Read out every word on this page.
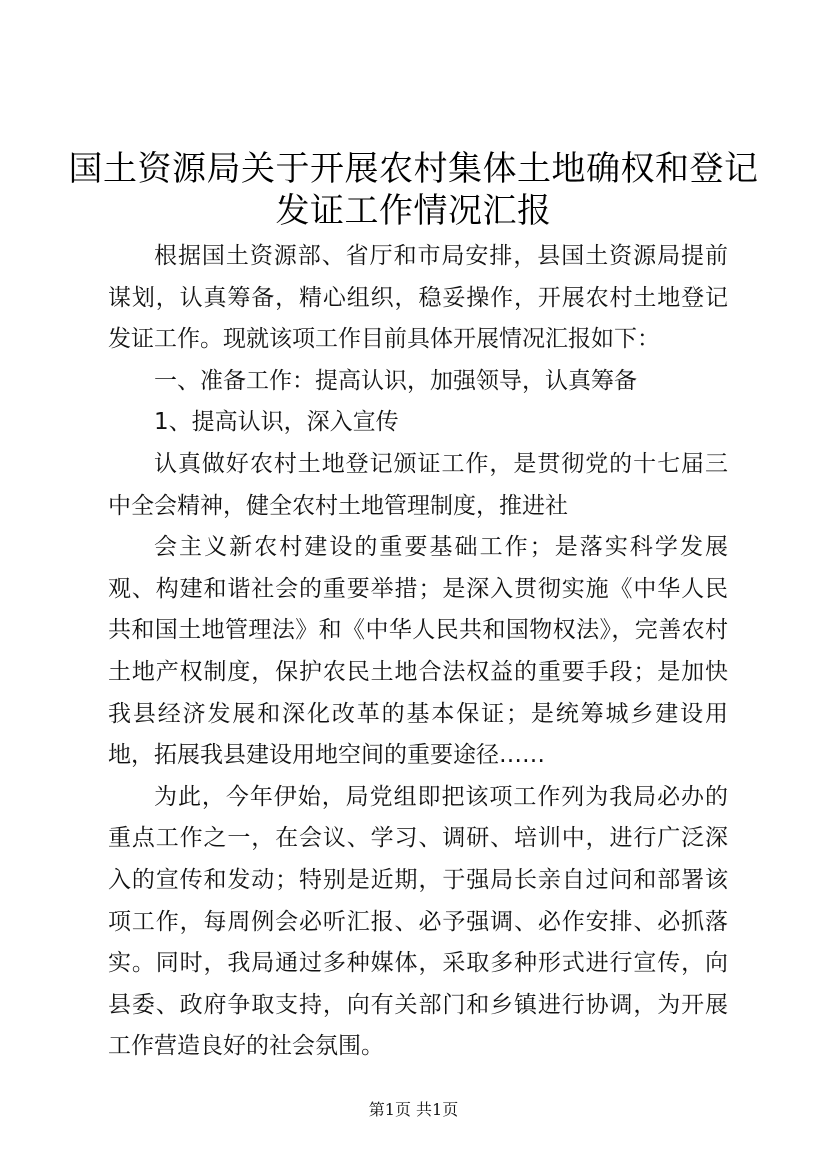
国土资源局关于开展农村集体土地确权和登记
发证工作情况汇报

根据国土资源部、省厅和市局安排，县国土资源局提前谋划，认真筹备，精心组织，稳妥操作，开展农村土地登记发证工作。现就该项工作目前具体开展情况汇报如下：

一、准备工作：提高认识，加强领导，认真筹备

1、提高认识，深入宣传

认真做好农村土地登记颁证工作，是贯彻党的十七届三中全会精神，健全农村土地管理制度，推进社

会主义新农村建设的重要基础工作；是落实科学发展观、构建和谐社会的重要举措；是深入贯彻实施《中华人民共和国土地管理法》和《中华人民共和国物权法》，完善农村土地产权制度，保护农民土地合法权益的重要手段；是加快我县经济发展和深化改革的基本保证；是统筹城乡建设用地，拓展我县建设用地空间的重要途径……

为此，今年伊始，局党组即把该项工作列为我局必办的重点工作之一，在会议、学习、调研、培训中，进行广泛深入的宣传和发动；特别是近期，于强局长亲自过问和部署该项工作，每周例会必听汇报、必予强调、必作安排、必抓落实。同时，我局通过多种媒体，采取多种形式进行宣传，向县委、政府争取支持，向有关部门和乡镇进行协调，为开展工作营造良好的社会氛围。

第1页 共1页
